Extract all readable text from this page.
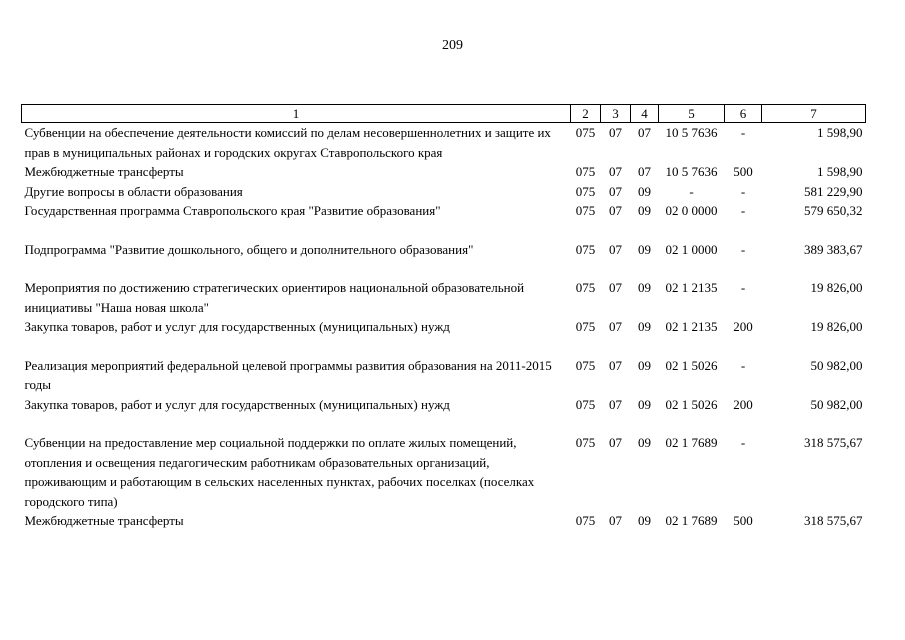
209
1	2	3	4	5	6	7
Субвенции на обеспечение деятельности комиссий по делам несовершеннолетних и защите их прав в муниципальных районах и городских округах Ставропольского края	075	07	07	10 5 7636	-	1 598,90
Межбюджетные трансферты	075	07	07	10 5 7636	500	1 598,90
Другие вопросы в области образования	075	07	09	-	-	581 229,90
Государственная программа Ставропольского края "Развитие образования"	075	07	09	02 0 0000	-	579 650,32
Подпрограмма "Развитие дошкольного, общего и дополнительного образования"	075	07	09	02 1 0000	-	389 383,67
Мероприятия по достижению стратегических ориентиров национальной образовательной инициативы "Наша новая школа"	075	07	09	02 1 2135	-	19 826,00
Закупка товаров, работ и услуг для государственных (муниципальных) нужд	075	07	09	02 1 2135	200	19 826,00
Реализация мероприятий федеральной целевой программы развития образования на 2011-2015 годы	075	07	09	02 1 5026	-	50 982,00
Закупка товаров, работ и услуг для государственных (муниципальных) нужд	075	07	09	02 1 5026	200	50 982,00
Субвенции на предоставление мер социальной поддержки по оплате жилых помещений, отопления и освещения педагогическим работникам образовательных организаций, проживающим и работающим в сельских населенных пунктах, рабочих поселках (поселках городского типа)	075	07	09	02 1 7689	-	318 575,67
Межбюджетные трансферты	075	07	09	02 1 7689	500	318 575,67
